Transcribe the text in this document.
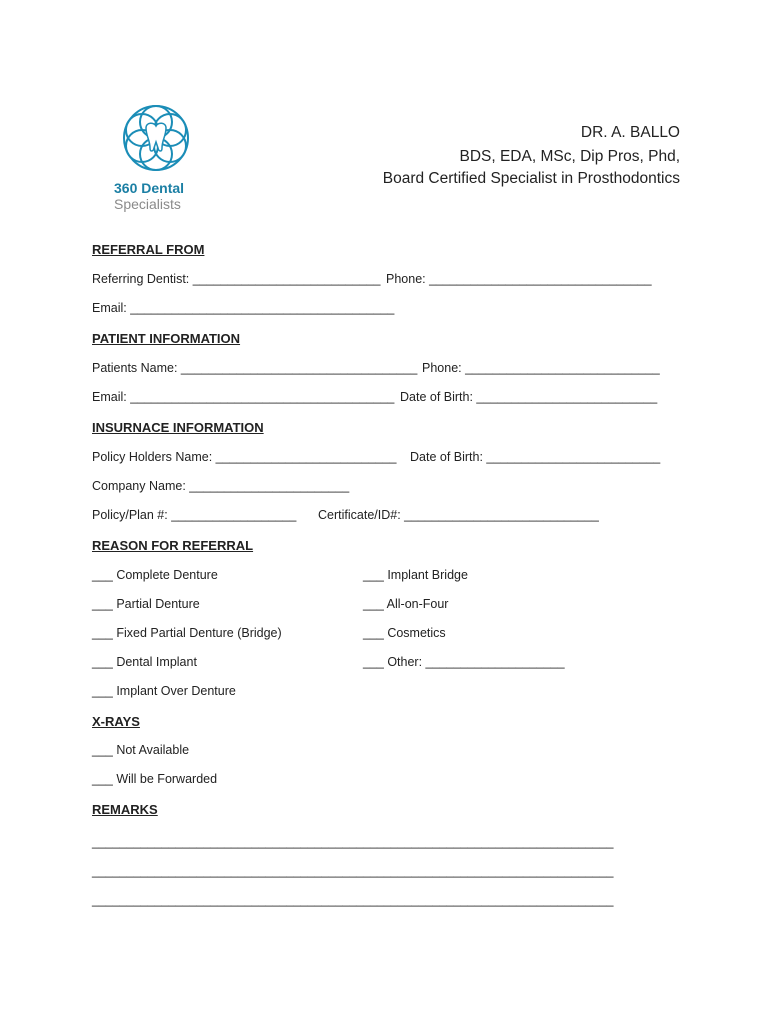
360 Dental
Specialists
DR. A. BALLO
BDS, EDA, MSc, Dip Pros, Phd,
Board Certified Specialist in Prosthodontics
REFERRAL FROM
Referring Dentist: ___________________________ Phone: ________________________________
Email: ______________________________________
PATIENT INFORMATION
Patients Name: __________________________________ Phone: ____________________________
Email: ______________________________________ Date of Birth: __________________________
INSURNACE INFORMATION
Policy Holders Name: __________________________ Date of Birth: _________________________
Company Name: _______________________
Policy/Plan #: __________________ Certificate/ID#: ____________________________
REASON FOR REFERRAL
___ Complete Denture
___ Partial Denture
___ Fixed Partial Denture (Bridge)
___ Dental Implant
___ Implant Over Denture
___ Implant Bridge
___ All-on-Four
___ Cosmetics
___ Other: ____________________
X-RAYS
___ Not Available
___ Will be Forwarded
REMARKS
___________________________________________________________________________
___________________________________________________________________________
___________________________________________________________________________
